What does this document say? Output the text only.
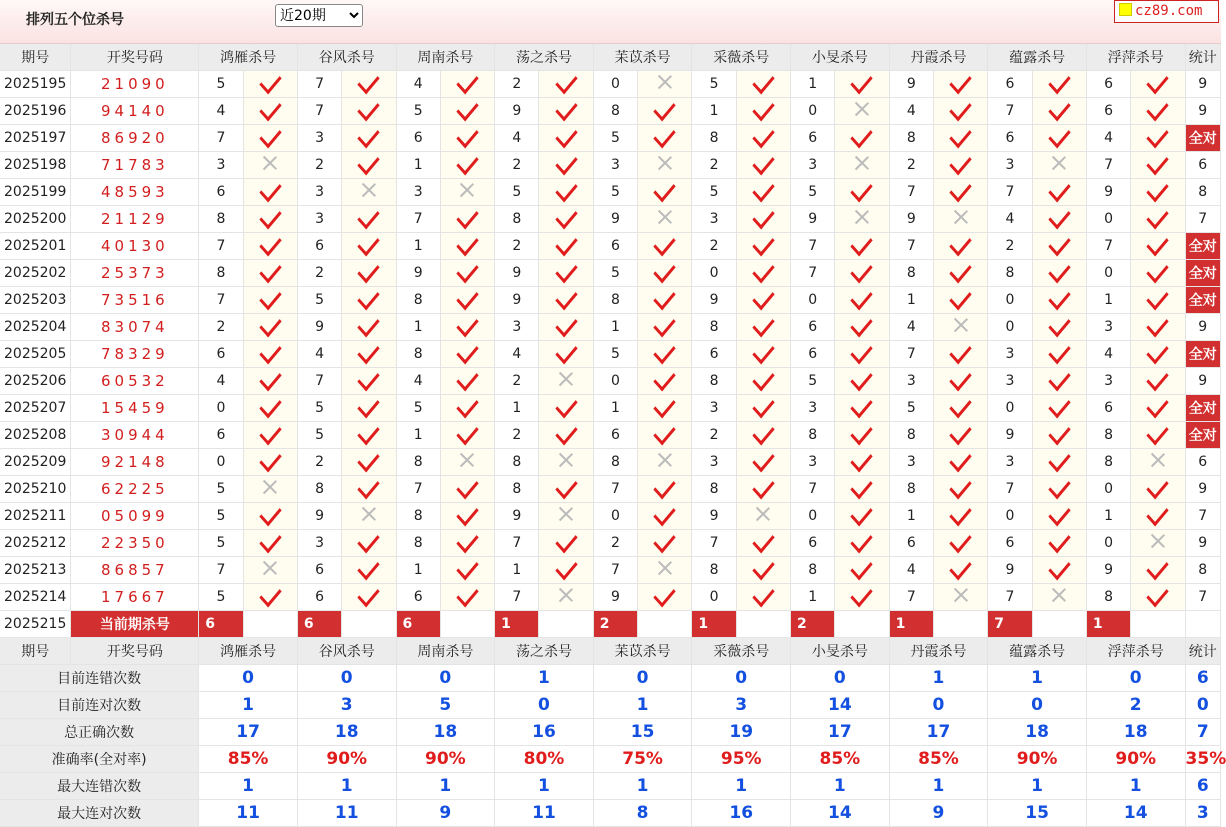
排列五个位杀号
近20期
cz89.com
期号	开奖号码	鸿雁杀号		谷风杀号		周南杀号		荡之杀号		苿苡杀号		采薇杀号		小旻杀号		丹霞杀号		蕴露杀号		浮萍杀号		统计
2025195	21090	5		7		4		2		0		5		1		9		6		6		9
2025196	94140	4		7		5		9		8		1		0		4		7		6		9
2025197	86920	7		3		6		4		5		8		6		8		6		4		全对
2025198	71783	3		2		1		2		3		2		3		2		3		7		6
2025199	48593	6		3		3		5		5		5		5		7		7		9		8
2025200	21129	8		3		7		8		9		3		9		9		4		0		7
2025201	40130	7		6		1		2		6		2		7		7		2		7		全对
2025202	25373	8		2		9		9		5		0		7		8		8		0		全对
2025203	73516	7		5		8		9		8		9		0		1		0		1		全对
2025204	83074	2		9		1		3		1		8		6		4		0		3		9
2025205	78329	6		4		8		4		5		6		6		7		3		4		全对
2025206	60532	4		7		4		2		0		8		5		3		3		3		9
2025207	15459	0		5		5		1		1		3		3		5		0		6		全对
2025208	30944	6		5		1		2		6		2		8		8		9		8		全对
2025209	92148	0		2		8		8		8		3		3		3		3		8		6
2025210	62225	5		8		7		8		7		8		7		8		7		0		9
2025211	05099	5		9		8		9		0		9		0		1		0		1		7
2025212	22350	5		3		8		7		2		7		6		6		6		0		9
2025213	86857	7		6		1		1		7		8		8		4		9		9		8
2025214	17667	5		6		6		7		9		0		1		7		7		8		7
2025215	当前期杀号	6		6		6		1		2		1		2		1		7		1		
期号	开奖号码	鸿雁杀号		谷风杀号		周南杀号		荡之杀号		苿苡杀号		采薇杀号		小旻杀号		丹霞杀号		蕴露杀号		浮萍杀号		统计
目前连错次数		0		0		0		1		0		0		0		1		1		0		6
目前连对次数		1		3		5		0		1		3		14		0		0		2		0
总正确次数		17		18		18		16		15		19		17		17		18		18		7
准确率(全对率)		85%		90%		90%		80%		75%		95%		85%		85%		90%		90%		35%
最大连错次数		1		1		1		1		1		1		1		1		1		1		6
最大连对次数		11		11		9		11		8		16		14		9		15		14		3
